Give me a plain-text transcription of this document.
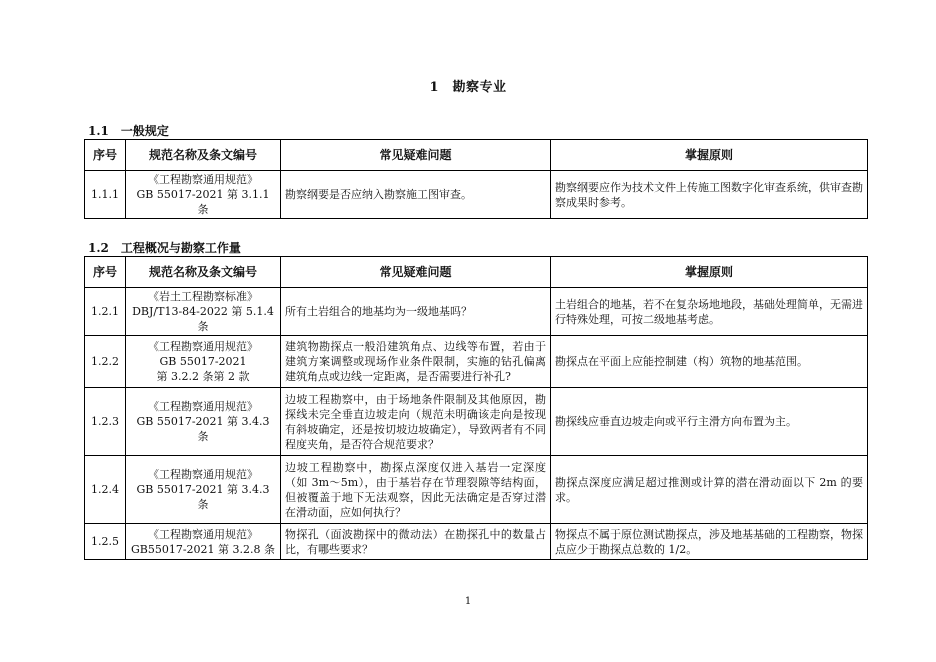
1　勘察专业
1.1　一般规定
序号	规范名称及条文编号	常见疑难问题	掌握原则
1.1.1	《工程勘察通用规范》
GB 55017-2021 第 3.1.1 条	勘察纲要是否应纳入勘察施工图审查。	勘察纲要应作为技术文件上传施工图数字化审查系统，供审查勘察成果时参考。
1.2　工程概况与勘察工作量
序号	规范名称及条文编号	常见疑难问题	掌握原则
1.2.1	《岩土工程勘察标准》
DBJ/T13-84-2022 第 5.1.4 条	所有土岩组合的地基均为一级地基吗？	土岩组合的地基，若不在复杂场地地段，基础处理简单，无需进行特殊处理，可按二级地基考虑。
1.2.2	《工程勘察通用规范》
GB 55017-2021
第 3.2.2 条第 2 款	建筑物勘探点一般沿建筑角点、边线等布置，若由于建筑方案调整或现场作业条件限制，实施的钻孔偏离建筑角点或边线一定距离，是否需要进行补孔?	勘探点在平面上应能控制建（构）筑物的地基范围。
1.2.3	《工程勘察通用规范》
GB 55017-2021 第 3.4.3 条	边坡工程勘察中，由于场地条件限制及其他原因，勘探线未完全垂直边坡走向（规范未明确该走向是按现有斜坡确定，还是按切坡边坡确定），导致两者有不同程度夹角，是否符合规范要求？	勘探线应垂直边坡走向或平行主滑方向布置为主。
1.2.4	《工程勘察通用规范》
GB 55017-2021 第 3.4.3 条	边坡工程勘察中，勘探点深度仅进入基岩一定深度（如 3m～5m），由于基岩存在节理裂隙等结构面，但被覆盖于地下无法观察，因此无法确定是否穿过潜在滑动面，应如何执行？	勘探点深度应满足超过推测或计算的潜在滑动面以下 2m 的要求。
1.2.5	《工程勘察通用规范》
GB55017-2021 第 3.2.8 条	物探孔（面波勘探中的微动法）在勘探孔中的数量占比，有哪些要求？	物探点不属于原位测试勘探点，涉及地基基础的工程勘察，物探点应少于勘探点总数的 1/2。
1
